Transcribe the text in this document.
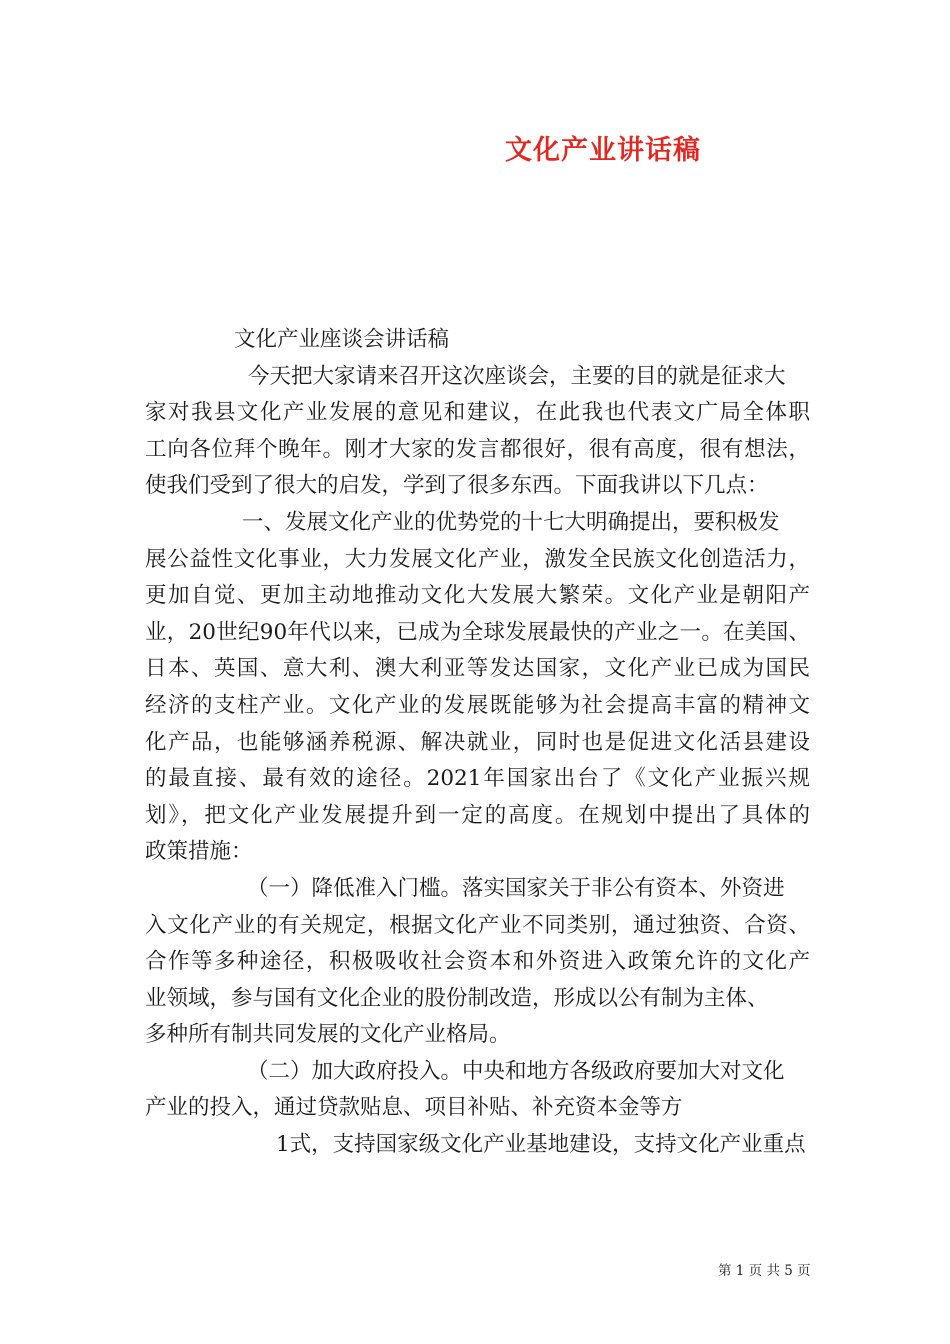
文化产业讲话稿
文化产业座谈会讲话稿
今天把大家请来召开这次座谈会，主要的目的就是征求大
家对我县文化产业发展的意见和建议，在此我也代表文广局全体职
工向各位拜个晚年。刚才大家的发言都很好，很有高度，很有想法，
使我们受到了很大的启发，学到了很多东西。下面我讲以下几点：
一、发展文化产业的优势党的十七大明确提出，要积极发
展公益性文化事业，大力发展文化产业，激发全民族文化创造活力，
更加自觉、更加主动地推动文化大发展大繁荣。文化产业是朝阳产
业，20世纪90年代以来，已成为全球发展最快的产业之一。在美国、
日本、英国、意大利、澳大利亚等发达国家，文化产业已成为国民
经济的支柱产业。文化产业的发展既能够为社会提高丰富的精神文
化产品，也能够涵养税源、解决就业，同时也是促进文化活县建设
的最直接、最有效的途径。2021年国家出台了《文化产业振兴规
划》，把文化产业发展提升到一定的高度。在规划中提出了具体的
政策措施：
（一）降低准入门槛。落实国家关于非公有资本、外资进
入文化产业的有关规定，根据文化产业不同类别，通过独资、合资、
合作等多种途径，积极吸收社会资本和外资进入政策允许的文化产
业领域，参与国有文化企业的股份制改造，形成以公有制为主体、
多种所有制共同发展的文化产业格局。
（二）加大政府投入。中央和地方各级政府要加大对文化
产业的投入，通过贷款贴息、项目补贴、补充资本金等方
1式，支持国家级文化产业基地建设，支持文化产业重点
第 1 页 共 5 页
